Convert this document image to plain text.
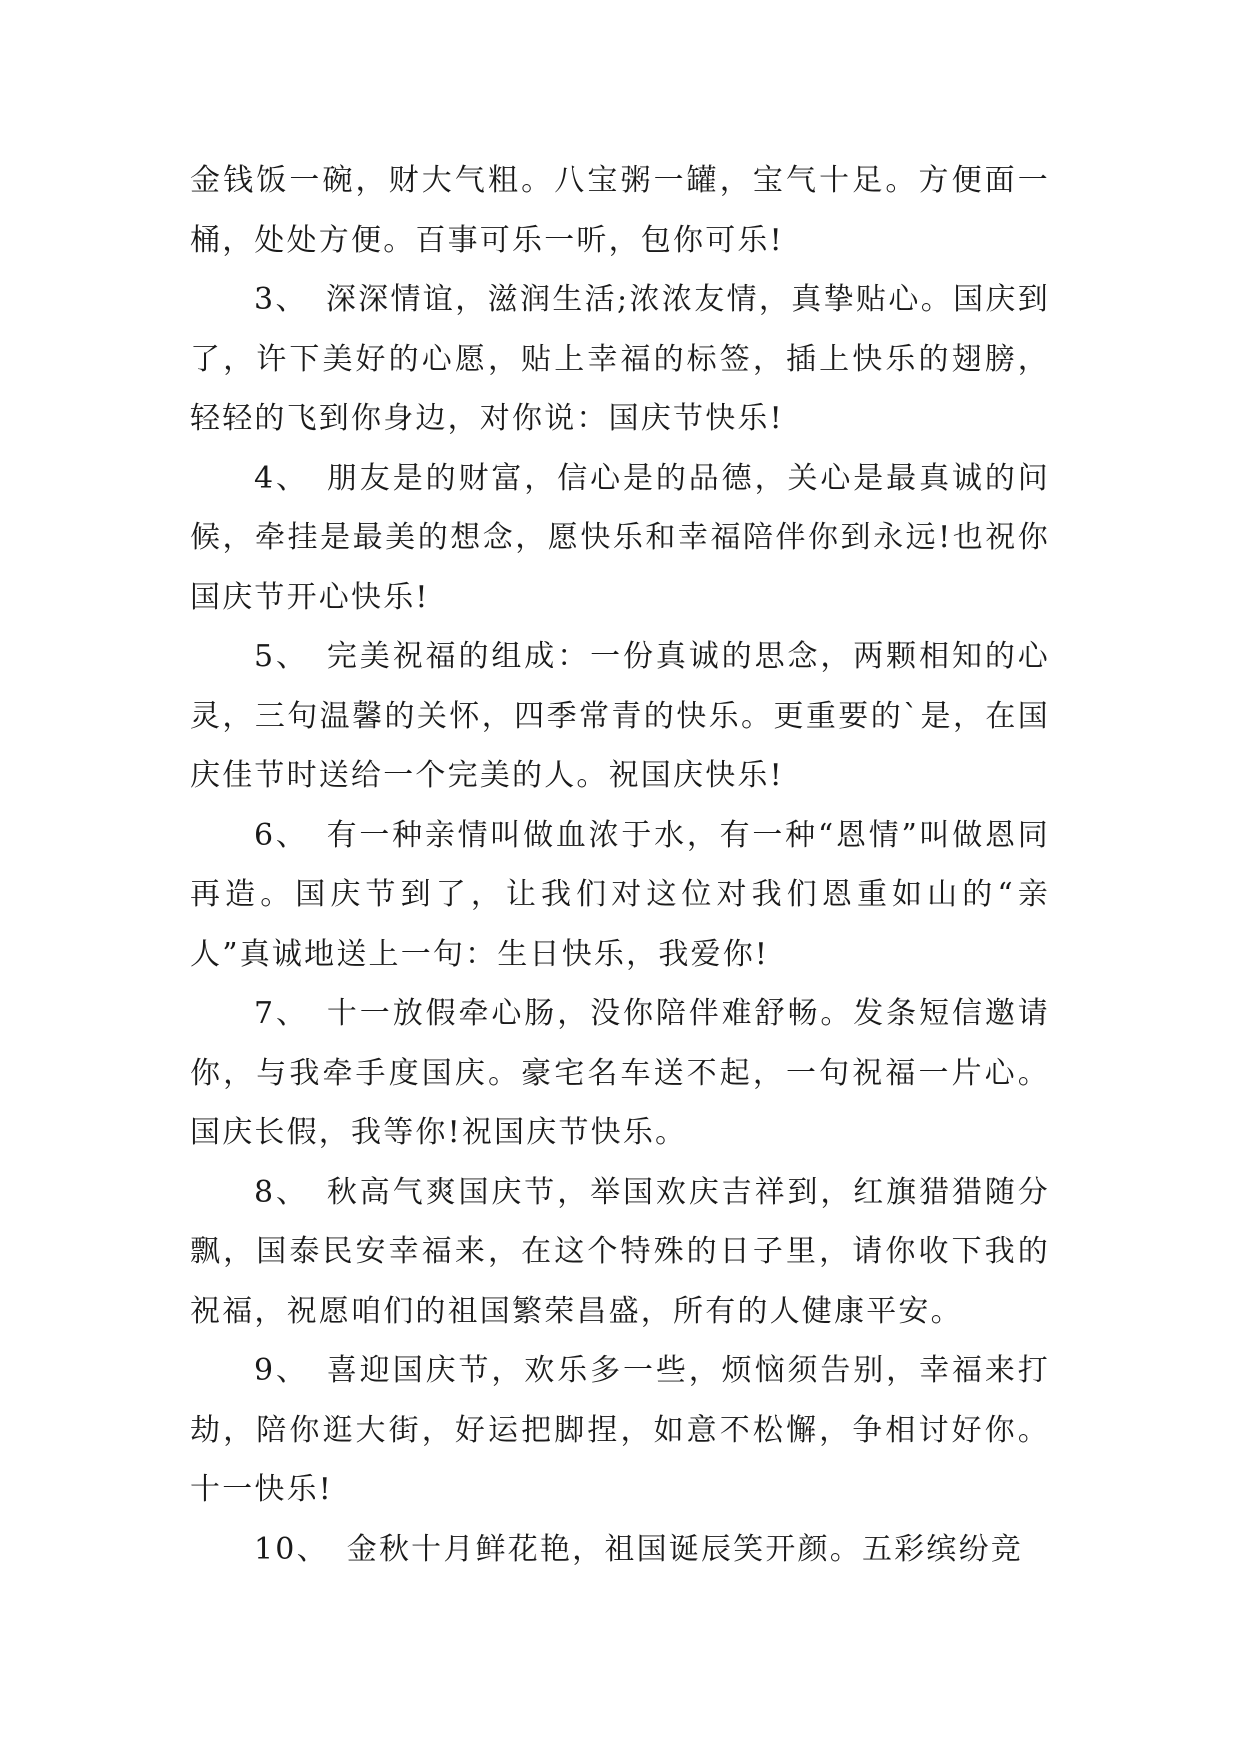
金钱饭一碗，财大气粗。八宝粥一罐，宝气十足。方便面一桶，处处方便。百事可乐一听，包你可乐!

3、 深深情谊，滋润生活;浓浓友情，真挚贴心。国庆到了，许下美好的心愿，贴上幸福的标签，插上快乐的翅膀，轻轻的飞到你身边，对你说：国庆节快乐!

4、 朋友是的财富，信心是的品德，关心是最真诚的问候，牵挂是最美的想念，愿快乐和幸福陪伴你到永远!也祝你国庆节开心快乐!

5、 完美祝福的组成：一份真诚的思念，两颗相知的心灵，三句温馨的关怀，四季常青的快乐。更重要的`是，在国庆佳节时送给一个完美的人。祝国庆快乐!

6、 有一种亲情叫做血浓于水，有一种“恩情”叫做恩同再造。国庆节到了，让我们对这位对我们恩重如山的“亲人”真诚地送上一句：生日快乐，我爱你!

7、 十一放假牵心肠，没你陪伴难舒畅。发条短信邀请你，与我牵手度国庆。豪宅名车送不起，一句祝福一片心。国庆长假，我等你!祝国庆节快乐。

8、 秋高气爽国庆节，举国欢庆吉祥到，红旗猎猎随分飘，国泰民安幸福来，在这个特殊的日子里，请你收下我的祝福，祝愿咱们的祖国繁荣昌盛，所有的人健康平安。

9、 喜迎国庆节，欢乐多一些，烦恼须告别，幸福来打劫，陪你逛大街，好运把脚捏，如意不松懈，争相讨好你。十一快乐!

10、 金秋十月鲜花艳，祖国诞辰笑开颜。五彩缤纷竞
